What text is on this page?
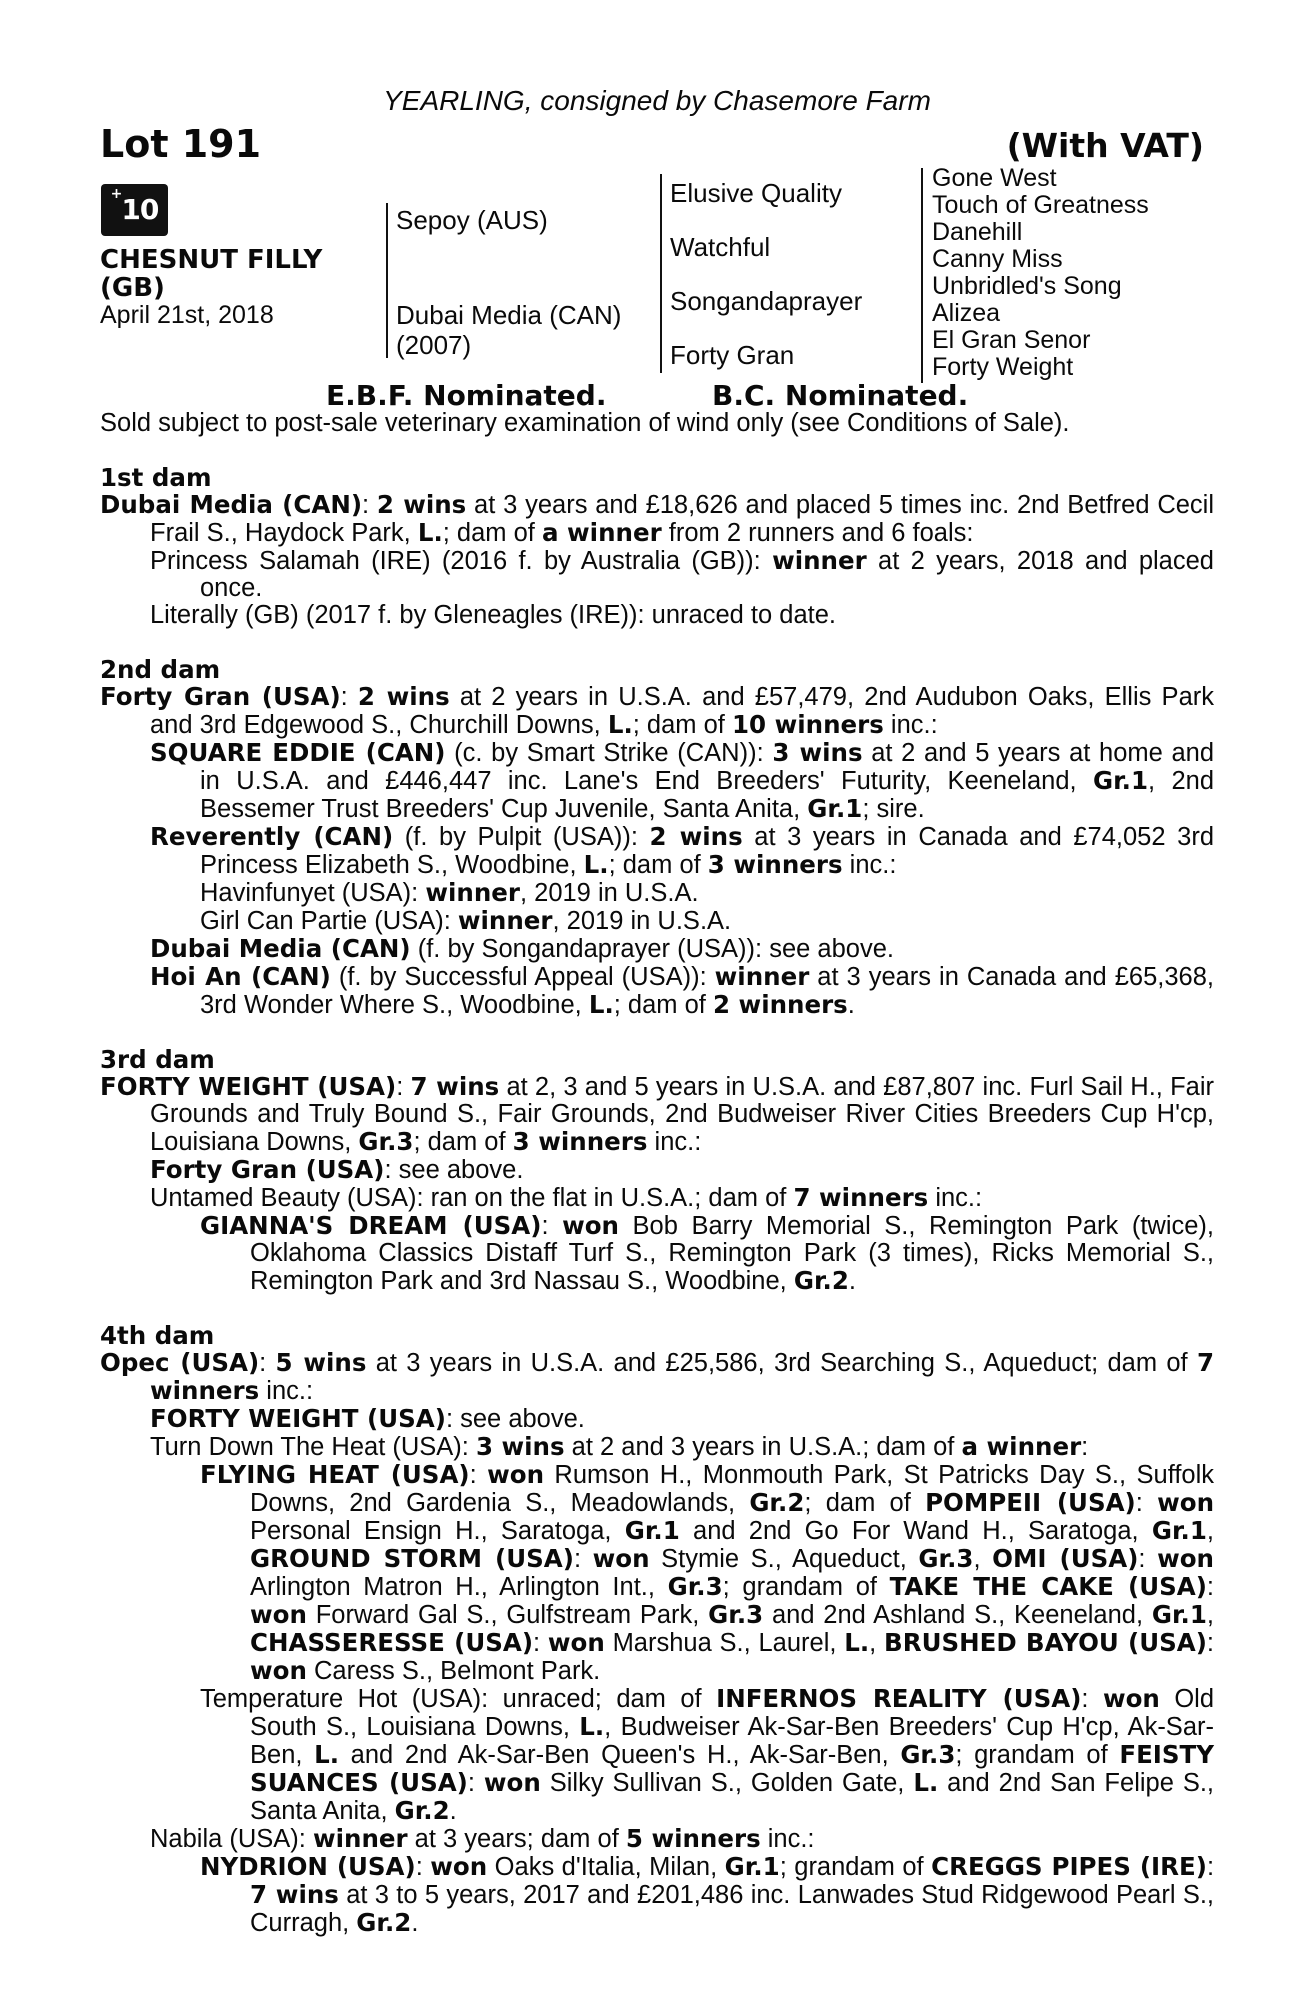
YEARLING, consigned by Chasemore Farm
Lot 191	(With VAT)
+10
CHESNUT FILLY (GB)
April 21st, 2018
Sepoy (AUS)
Dubai Media (CAN) (2007)
Elusive Quality
Watchful
Songandaprayer
Forty Gran
Gone West
Touch of Greatness
Danehill
Canny Miss
Unbridled's Song
Alizea
El Gran Senor
Forty Weight
E.B.F. Nominated.	B.C. Nominated.

Sold subject to post-sale veterinary examination of wind only (see Conditions of Sale).

1st dam

Dubai Media (CAN): 2 wins at 3 years and £18,626 and placed 5 times inc. 2nd Betfred Cecil Frail S., Haydock Park, L.; dam of a winner from 2 runners and 6 foals:

Princess Salamah (IRE) (2016 f. by Australia (GB)): winner at 2 years, 2018 and placed once.

Literally (GB) (2017 f. by Gleneagles (IRE)): unraced to date.

2nd dam

Forty Gran (USA): 2 wins at 2 years in U.S.A. and £57,479, 2nd Audubon Oaks, Ellis Park and 3rd Edgewood S., Churchill Downs, L.; dam of 10 winners inc.:

SQUARE EDDIE (CAN) (c. by Smart Strike (CAN)): 3 wins at 2 and 5 years at home and in U.S.A. and £446,447 inc. Lane's End Breeders' Futurity, Keeneland, Gr.1, 2nd Bessemer Trust Breeders' Cup Juvenile, Santa Anita, Gr.1; sire.

Reverently (CAN) (f. by Pulpit (USA)): 2 wins at 3 years in Canada and £74,052 3rd Princess Elizabeth S., Woodbine, L.; dam of 3 winners inc.:

Havinfunyet (USA): winner, 2019 in U.S.A.

Girl Can Partie (USA): winner, 2019 in U.S.A.

Dubai Media (CAN) (f. by Songandaprayer (USA)): see above.

Hoi An (CAN) (f. by Successful Appeal (USA)): winner at 3 years in Canada and £65,368, 3rd Wonder Where S., Woodbine, L.; dam of 2 winners.

3rd dam

FORTY WEIGHT (USA): 7 wins at 2, 3 and 5 years in U.S.A. and £87,807 inc. Furl Sail H., Fair Grounds and Truly Bound S., Fair Grounds, 2nd Budweiser River Cities Breeders Cup H'cp, Louisiana Downs, Gr.3; dam of 3 winners inc.:

Forty Gran (USA): see above.

Untamed Beauty (USA): ran on the flat in U.S.A.; dam of 7 winners inc.:

GIANNA'S DREAM (USA): won Bob Barry Memorial S., Remington Park (twice), Oklahoma Classics Distaff Turf S., Remington Park (3 times), Ricks Memorial S., Remington Park and 3rd Nassau S., Woodbine, Gr.2.

4th dam

Opec (USA): 5 wins at 3 years in U.S.A. and £25,586, 3rd Searching S., Aqueduct; dam of 7 winners inc.:

FORTY WEIGHT (USA): see above.

Turn Down The Heat (USA): 3 wins at 2 and 3 years in U.S.A.; dam of a winner:

FLYING HEAT (USA): won Rumson H., Monmouth Park, St Patricks Day S., Suffolk Downs, 2nd Gardenia S., Meadowlands, Gr.2; dam of POMPEII (USA): won Personal Ensign H., Saratoga, Gr.1 and 2nd Go For Wand H., Saratoga, Gr.1, GROUND STORM (USA): won Stymie S., Aqueduct, Gr.3, OMI (USA): won Arlington Matron H., Arlington Int., Gr.3; grandam of TAKE THE CAKE (USA): won Forward Gal S., Gulfstream Park, Gr.3 and 2nd Ashland S., Keeneland, Gr.1, CHASSERESSE (USA): won Marshua S., Laurel, L., BRUSHED BAYOU (USA): won Caress S., Belmont Park.

Temperature Hot (USA): unraced; dam of INFERNOS REALITY (USA): won Old South S., Louisiana Downs, L., Budweiser Ak-Sar-Ben Breeders' Cup H'cp, Ak-Sar-Ben, L. and 2nd Ak-Sar-Ben Queen's H., Ak-Sar-Ben, Gr.3; grandam of FEISTY SUANCES (USA): won Silky Sullivan S., Golden Gate, L. and 2nd San Felipe S., Santa Anita, Gr.2.

Nabila (USA): winner at 3 years; dam of 5 winners inc.:

NYDRION (USA): won Oaks d'Italia, Milan, Gr.1; grandam of CREGGS PIPES (IRE): 7 wins at 3 to 5 years, 2017 and £201,486 inc. Lanwades Stud Ridgewood Pearl S., Curragh, Gr.2.
